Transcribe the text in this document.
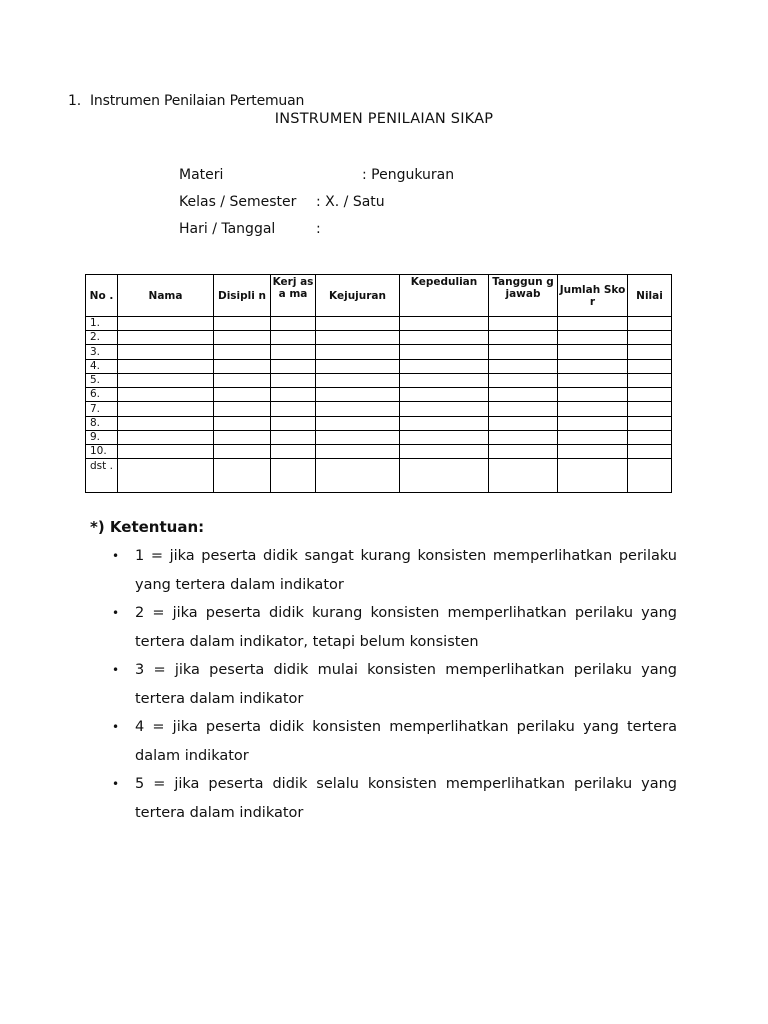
1. Instrumen Penilaian Pertemuan
INSTRUMEN PENILAIAN SIKAP
Materi	: Pengukuran
Kelas / Semester : X. / Satu
Hari / Tanggal	:
No .	Nama	Disipli n	Kerj asa ma	Kejujuran	Kepedulian	Tanggun g jawab	Jumlah Skor	Nilai
1.								
2.								
3.								
4.								
5.								
6.								
7.								
8.								
9.								
10.								
dst .								
*) Ketentuan:
• 1 = jika peserta didik sangat kurang konsisten memperlihatkan perilaku yang tertera dalam indikator
• 2 = jika peserta didik kurang konsisten memperlihatkan perilaku yang tertera dalam indikator, tetapi belum konsisten
• 3 = jika peserta didik mulai konsisten memperlihatkan perilaku yang tertera dalam indikator
• 4 = jika peserta didik konsisten memperlihatkan perilaku yang tertera dalam indikator
• 5 = jika peserta didik selalu konsisten memperlihatkan perilaku yang tertera dalam indikator
